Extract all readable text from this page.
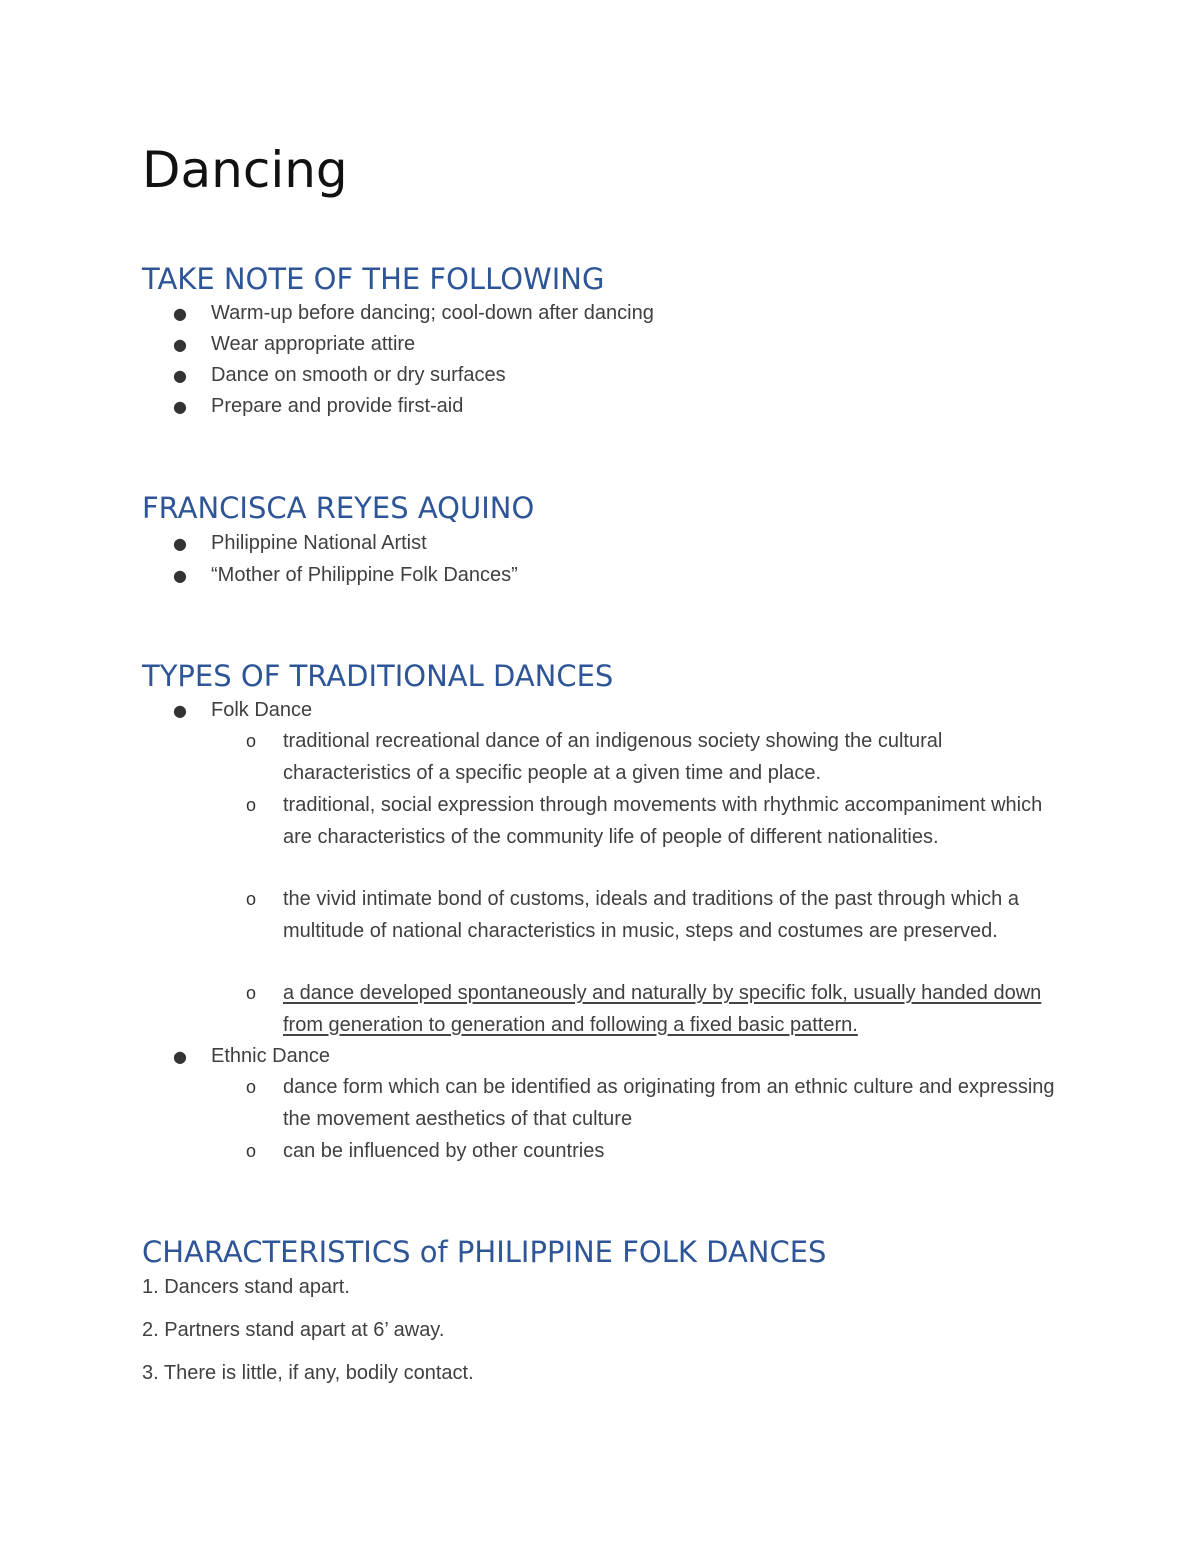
Dancing
TAKE NOTE OF THE FOLLOWING
● Warm-up before dancing; cool-down after dancing
● Wear appropriate attire
● Dance on smooth or dry surfaces
● Prepare and provide first-aid
FRANCISCA REYES AQUINO
● Philippine National Artist
● “Mother of Philippine Folk Dances”
TYPES OF TRADITIONAL DANCES
● Folk Dance
o traditional recreational dance of an indigenous society showing the cultural characteristics of a specific people at a given time and place.
o traditional, social expression through movements with rhythmic accompaniment which are characteristics of the community life of people of different nationalities.
o the vivid intimate bond of customs, ideals and traditions of the past through which a multitude of national characteristics in music, steps and costumes are preserved.
o a dance developed spontaneously and naturally by specific folk, usually handed down from generation to generation and following a fixed basic pattern.
● Ethnic Dance
o dance form which can be identified as originating from an ethnic culture and expressing the movement aesthetics of that culture
o can be influenced by other countries
CHARACTERISTICS of PHILIPPINE FOLK DANCES
1. Dancers stand apart.
2. Partners stand apart at 6’ away.
3. There is little, if any, bodily contact.
